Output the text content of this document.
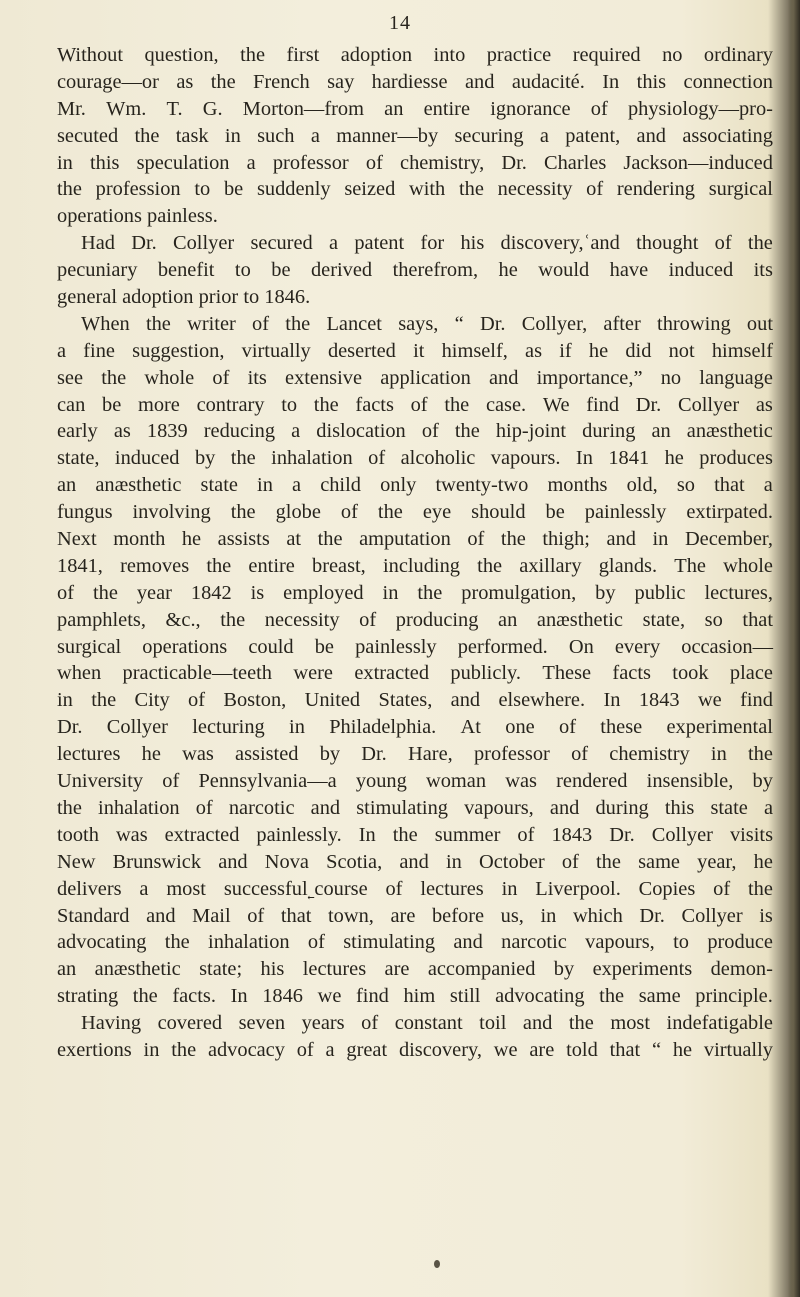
14
Without question, the first adoption into practice required no ordinary
courage—or as the French say hardiesse and audacité. In this connection
Mr. Wm. T. G. Morton—from an entire ignorance of physiology—pro-
secuted the task in such a manner—by securing a patent, and associating
in this speculation a professor of chemistry, Dr. Charles Jackson—induced
the profession to be suddenly seized with the necessity of rendering surgical
operations painless.
Had Dr. Collyer secured a patent for his discovery,ʿand thought of the
pecuniary benefit to be derived therefrom, he would have induced its
general adoption prior to 1846.
When the writer of the Lancet says, “ Dr. Collyer, after throwing out
a fine suggestion, virtually deserted it himself, as if he did not himself
see the whole of its extensive application and importance,” no language
can be more contrary to the facts of the case. We find Dr. Collyer as
early as 1839 reducing a dislocation of the hip-joint during an anæsthetic
state, induced by the inhalation of alcoholic vapours. In 1841 he produces
an anæsthetic state in a child only twenty-two months old, so that a
fungus involving the globe of the eye should be painlessly extirpated.
Next month he assists at the amputation of the thigh; and in December,
1841, removes the entire breast, including the axillary glands. The whole
of the year 1842 is employed in the promulgation, by public lectures,
pamphlets, &c., the necessity of producing an anæsthetic state, so that
surgical operations could be painlessly performed. On every occasion—
when practicable—teeth were extracted publicly. These facts took place
in the City of Boston, United States, and elsewhere. In 1843 we find
Dr. Collyer lecturing in Philadelphia. At one of these experimental
lectures he was assisted by Dr. Hare, professor of chemistry in the
University of Pennsylvania—a young woman was rendered insensible, by
the inhalation of narcotic and stimulating vapours, and during this state a
tooth was extracted painlessly. In the summer of 1843 Dr. Collyer visits
New Brunswick and Nova Scotia, and in October of the same year, he
delivers a most successful˿course of lectures in Liverpool. Copies of the
Standard and Mail of that town, are before us, in which Dr. Collyer is
advocating the inhalation of stimulating and narcotic vapours, to produce
an anæsthetic state; his lectures are accompanied by experiments demon-
strating the facts. In 1846 we find him still advocating the same principle.
Having covered seven years of constant toil and the most indefatigable
exertions in the advocacy of a great discovery, we are told that “ he virtually
